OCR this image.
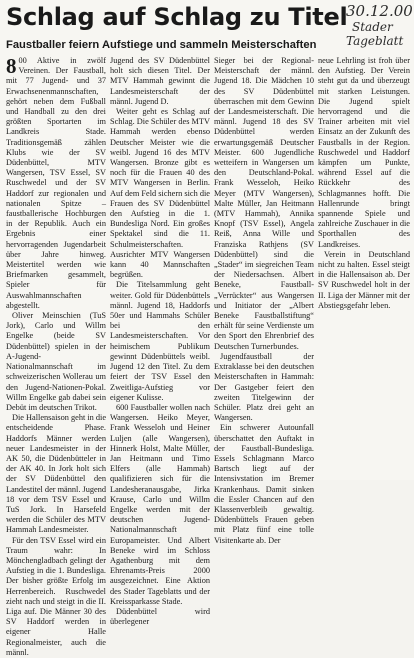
Schlag auf Schlag zu Titel
Faustballer feiern Aufstiege und sammeln Meisterschaften
30.12.00
Stader
Tageblatt
8 00 Aktive in zwölf Vereinen. Der Faustball, mit 77 Jugend- und 37 Erwachsenenmannschaften, gehört neben dem Fußball und Handball zu den drei größten Sportarten im Landkreis Stade. Traditionsgemäß zählen Klubs wie der SV Düdenbüttel, MTV Wangersen, TSV Essel, SV Ruschwedel und der SV Haddorf zur regionalen und nationalen Spitze – faustballerische Hochburgen in der Republik. Auch ein Ergebnis einer hervorragenden Jugendarbeit über Jahre hinweg. Meistertitel werden wie Briefmarken gesammelt, Spieler für Auswahlmannschaften abgestellt.

Oliver Meinschien (TuS Jork), Carlo und Willm Engelke (beide SV Düdenbüttel) spielen in der A-Jugend-Nationalmannschaft im schweizerischen Wollerau um den Jugend-Nationen-Pokal. Willm Engelke gab dabei sein Debüt im deutschen Trikot.

Die Hallensaison geht in die entscheidende Phase. Haddorfs Männer werden neuer Landesmeister in der AK 50, die Düdenbütteler in der AK 40. In Jork holt sich der SV Düdenbüttel den Landestitel der männl. Jugend 18 vor dem TSV Essel und TuS Jork. In Harsefeld werden die Schüler des MTV Hammah Landesmeister.

Für den TSV Essel wird ein Traum wahr: In Mönchengladbach gelingt der Aufstieg in die 1. Bundesliga. Der bisher größte Erfolg im Herrenbereich. Ruschwedel zieht nach und steigt in die II. Liga auf. Die Männer 30 des SV Haddorf werden in eigener Halle Regionalmeister, auch die männl.

Jugend des SV Düdenbüttel holt sich diesen Titel. Der MTV Hammah gewinnt die Landesmeisterschaft der männl. Jugend D.

Weiter geht es Schlag auf Schlag. Die Schüler des MTV Hammah werden ebenso Deutscher Meister wie die weibl. Jugend 16 des MTV Wangersen. Bronze gibt es noch für die Frauen 40 des MTV Wangersen in Berlin. Auf dem Feld sichern sich die Frauen des SV Düdenbüttel den Aufstieg in die 1. Bundesliga Nord. Ein großes Spektakel sind die 11. Schulmeisterschaften. Ausrichter MTV Wangersen kann 40 Mannschaften begrüßen.

Die Titelsammlung geht weiter. Gold für Düdenbüttels männl. Jugend 18, Haddorfs 50er und Hammahs Schüler bei den Landesmeisterschaften. Vor heimischem Publikum gewinnt Düdenbüttels weibl. Jugend 12 den Titel. Zu dem feiert der TSV Essel den Zweitliga-Aufstieg vor eigener Kulisse.

600 Faustballer wollen nach Wangersen. Heiko Meyer, Frank Wesseloh und Heiner Luljen (alle Wangersen), Hinnerk Holst, Malte Müller, Jan Heitmann und Timo Elfers (alle Hammah) qualifizieren sich für die Landesheranausgabe, Jirka Krause, Carlo und Willm Engelke werden mit der deutschen Jugend-Nationalmannschaft Europameister. Und Albert Beneke wird im Schloss Agathenburg mit dem Ehrenamts-Preis 2000 ausgezeichnet. Eine Aktion des Stader Tageblatts und der Kreissparkasse Stade.

Düdenbüttel wird überlegener

Sieger bei der Regional-Meisterschaft der männl. Jugend 18. Die Mädchen 10 des SV Düdenbüttel überraschen mit dem Gewinn der Landesmeisterschaft. Die männl. Jugend 18 des SV Düdenbüttel werden erwartungsgemäß Deutscher Meister. 600 Jugendliche wetteifern in Wangersen um den Deutschland-Pokal. Frank Wesseloh, Heiko Meyer (MTV Wangersen), Malte Müller, Jan Heitmann (MTV Hammah), Annika Knopf (TSV Essel), Angela Reiß, Anna Wille und Franziska Rathjens (SV Düdenbüttel) sind die „Stader“ im siegreichen Team der Niedersachsen. Albert Beneke, Faustball-„Verrückter“ aus Wangersen und Initiator der „Albert Beneke Faustballstiftung“ erhält für seine Verdienste um den Sport den Ehrenbrief des Deutschen Turnerbundes.

Jugendfaustball der Extraklasse bei den deutschen Meisterschaften in Hammah: Der Gastgeber feiert den zweiten Titelgewinn der Schüler. Platz drei geht an Wangersen.

Ein schwerer Autounfall überschattet den Auftakt in der Faustball-Bundesliga. Essels Schlagmann Marco Bartsch liegt auf der Intensivstation im Bremer Krankenhaus. Damit sinken die Essler Chancen auf den Klassenverbleib gewaltig. Düdenbüttels Frauen geben mit Platz fünf eine tolle Visitenkarte ab. Der

neue Lehrling ist froh über den Aufstieg. Der Verein steht gut da und überzeugt mit starken Leistungen. Die Jugend spielt hervorragend und die Trainer arbeiten mit viel Einsatz an der Zukunft des Faustballs in der Region. Ruschwedel und Haddorf kämpfen um Punkte, während Essel auf die Rückkehr des Schlagmannes hofft. Die Hallenrunde bringt spannende Spiele und zahlreiche Zuschauer in die Sporthallen des Landkreises.

Verein in Deutschland nicht zu halten. Essel steigt in die Hallensaison ab. Der SV Ruschwedel holt in der II. Liga der Männer mit der Abstiegsgefahr leben.
